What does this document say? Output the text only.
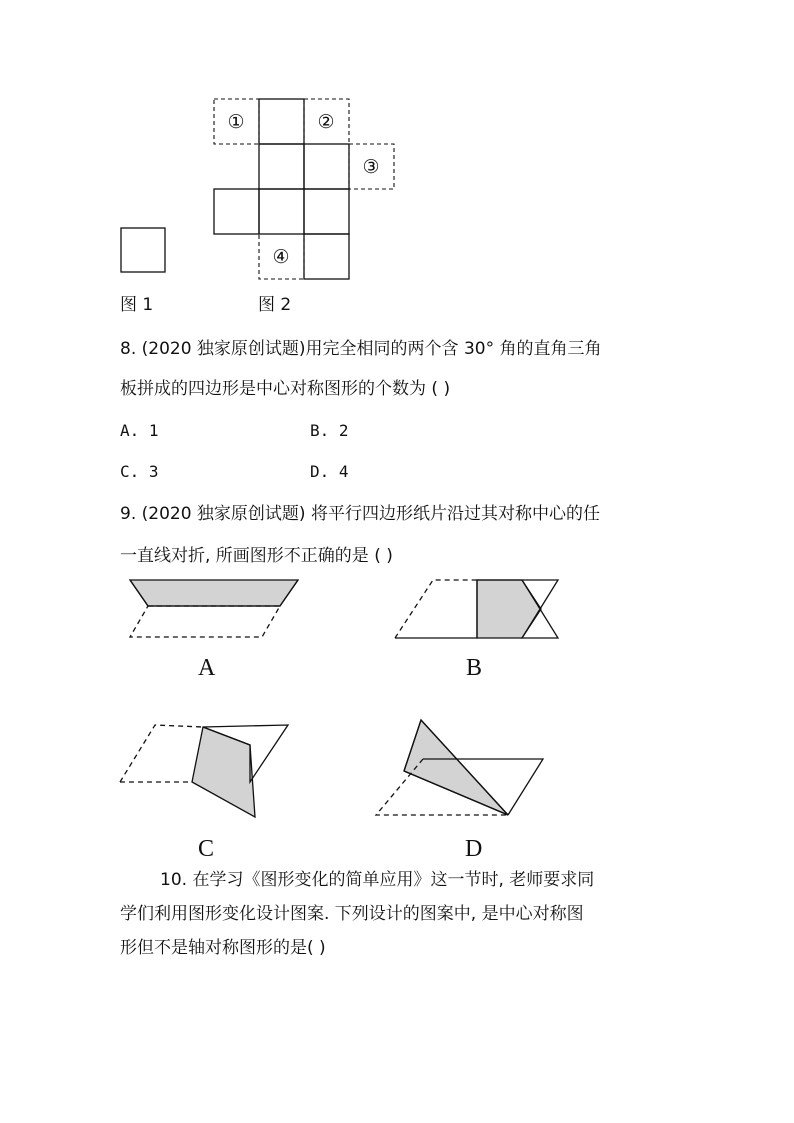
①	②
③
④
图 1	图 2
8. (2020 独家原创试题)用完全相同的两个含 30° 角的直角三角
板拼成的四边形是中心对称图形的个数为 ( )
A. 1	B. 2
C. 3	D. 4
9. (2020 独家原创试题) 将平行四边形纸片沿过其对称中心的任
一直线对折, 所画图形不正确的是 ( )
A	B
C	D
10. 在学习《图形变化的简单应用》这一节时, 老师要求同
学们利用图形变化设计图案. 下列设计的图案中, 是中心对称图
形但不是轴对称图形的是( )
